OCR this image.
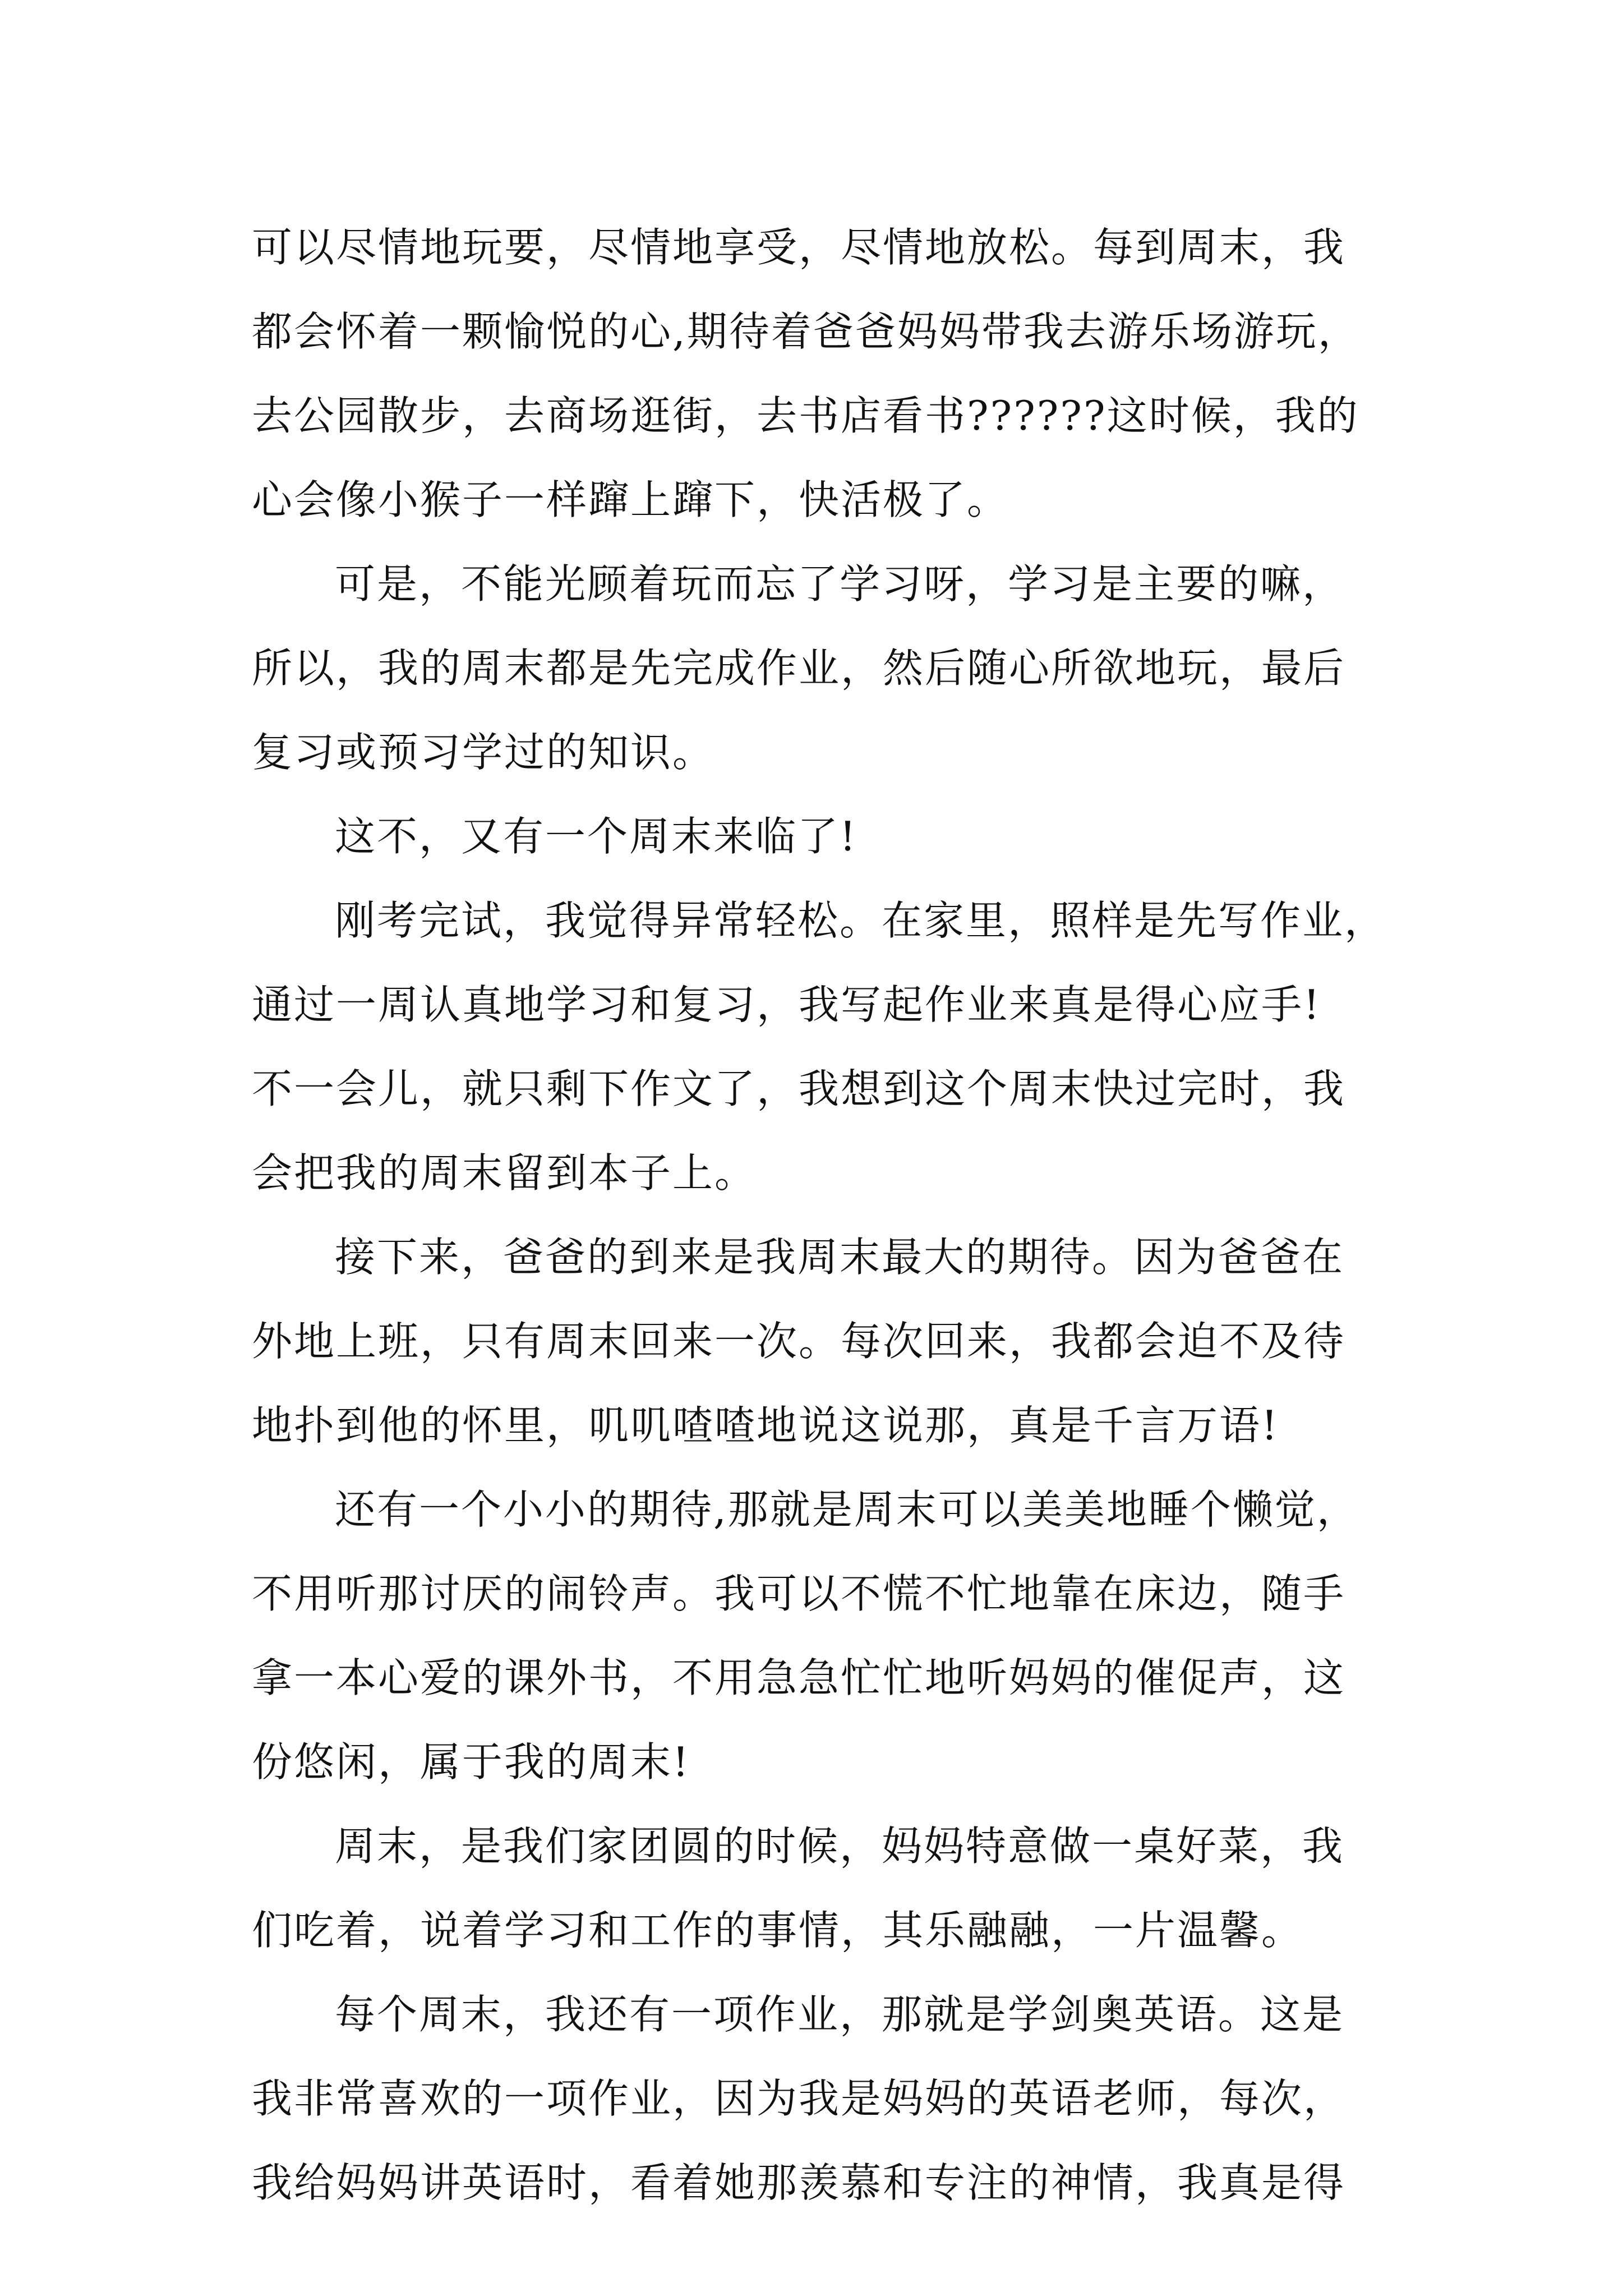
可以尽情地玩要，尽情地享受，尽情地放松。每到周末，我
都会怀着一颗愉悦的心,期待着爸爸妈妈带我去游乐场游玩，
去公园散步，去商场逛街，去书店看书??????这时候，我的
心会像小猴子一样蹿上蹿下，快活极了。
可是，不能光顾着玩而忘了学习呀，学习是主要的嘛，
所以，我的周末都是先完成作业，然后随心所欲地玩，最后
复习或预习学过的知识。
这不，又有一个周末来临了!
刚考完试，我觉得异常轻松。在家里，照样是先写作业，
通过一周认真地学习和复习，我写起作业来真是得心应手!
不一会儿，就只剩下作文了，我想到这个周末快过完时，我
会把我的周末留到本子上。
接下来，爸爸的到来是我周末最大的期待。因为爸爸在
外地上班，只有周末回来一次。每次回来，我都会迫不及待
地扑到他的怀里，叽叽喳喳地说这说那，真是千言万语!
还有一个小小的期待,那就是周末可以美美地睡个懒觉，
不用听那讨厌的闹铃声。我可以不慌不忙地靠在床边，随手
拿一本心爱的课外书，不用急急忙忙地听妈妈的催促声，这
份悠闲，属于我的周末!
周末，是我们家团圆的时候，妈妈特意做一桌好菜，我
们吃着，说着学习和工作的事情，其乐融融，一片温馨。
每个周末，我还有一项作业，那就是学剑奥英语。这是
我非常喜欢的一项作业，因为我是妈妈的英语老师，每次，
我给妈妈讲英语时，看着她那羡慕和专注的神情，我真是得
